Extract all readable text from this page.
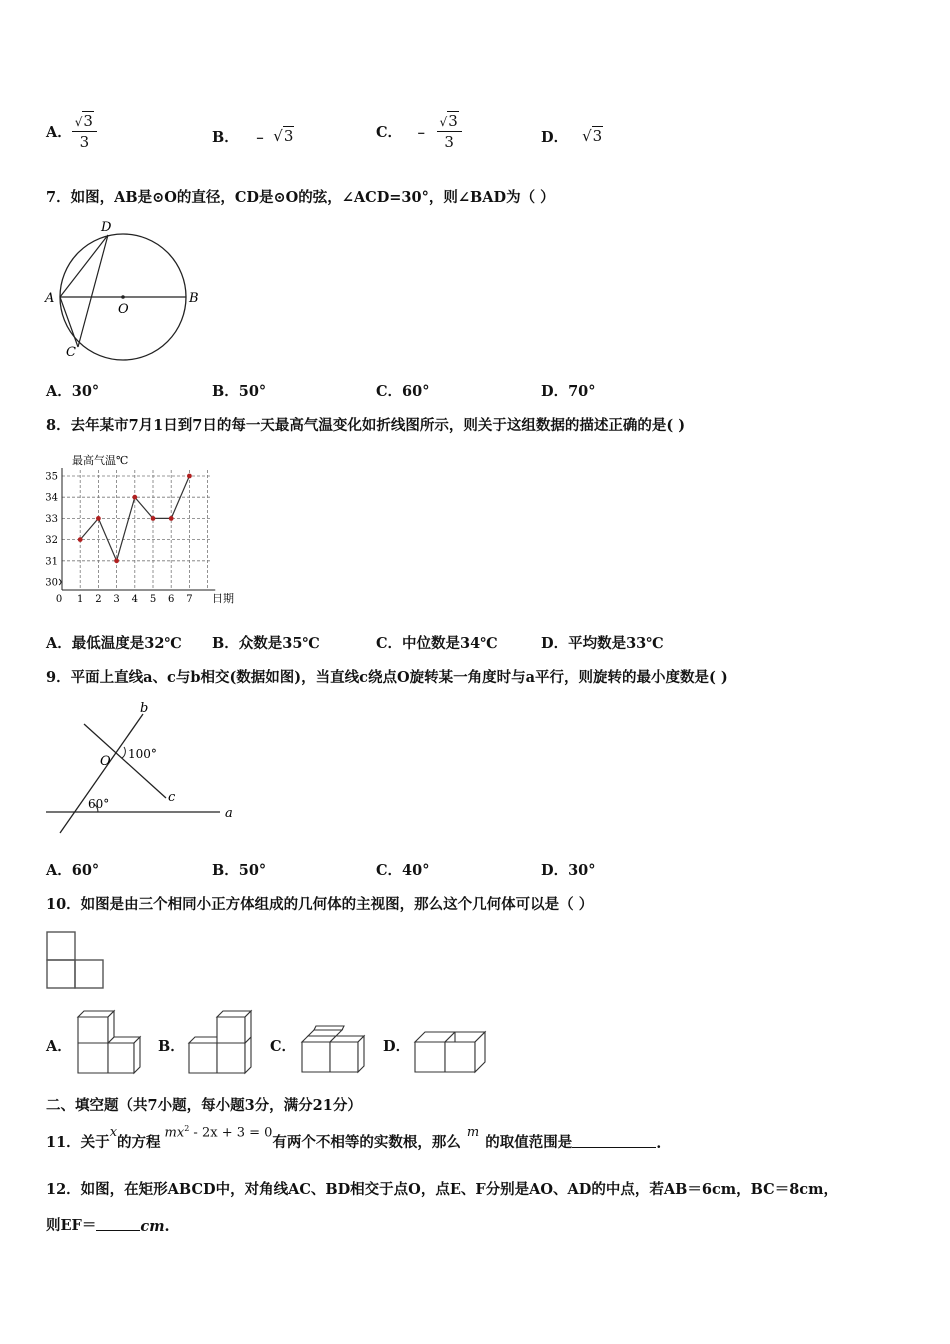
A． $\frac{√3}{3}$	B． ﹣ √3	C． ﹣ $\frac{√3}{3}$	D． √3
7．如图，AB是⊙O的直径，CD是⊙O的弦，∠ACD=30°，则∠BAD为（ ）
A	B
C
D
O
A．30°	B．50°	C．60°	D．70°
8．去年某市7月1日到7日的每一天最高气温变化如折线图所示，则关于这组数据的描述正确的是( )
30
31
32
33
34
35
0 1 2 3 4 5 6 7
最高气温℃
日期
A．最低温度是32℃ B．众数是35℃	C．中位数是34℃	D．平均数是33℃
9．平面上直线a、c与b相交(数据如图)，当直线c绕点O旋转某一角度时与a平行，则旋转的最小度数是( )
b
c
a
O 100°
60°
A．60°	B．50°	C．40°	D．30°
10．如图是由三个相同小正方体组成的几何体的主视图，那么这个几何体可以是（ ）
A．	B．	C．	D．
二、填空题（共7小题，每小题3分，满分21分）
11．关于
x
的方程
$mx^2 - 2x + 3 = 0$
有两个不相等的实数根，那么
m
的取值范围是	.
12．如图，在矩形ABCD中，对角线AC、BD相交于点O，点E、F分别是AO、AD的中点，若AB＝6cm，BC＝8cm，
则EF＝	cm .
